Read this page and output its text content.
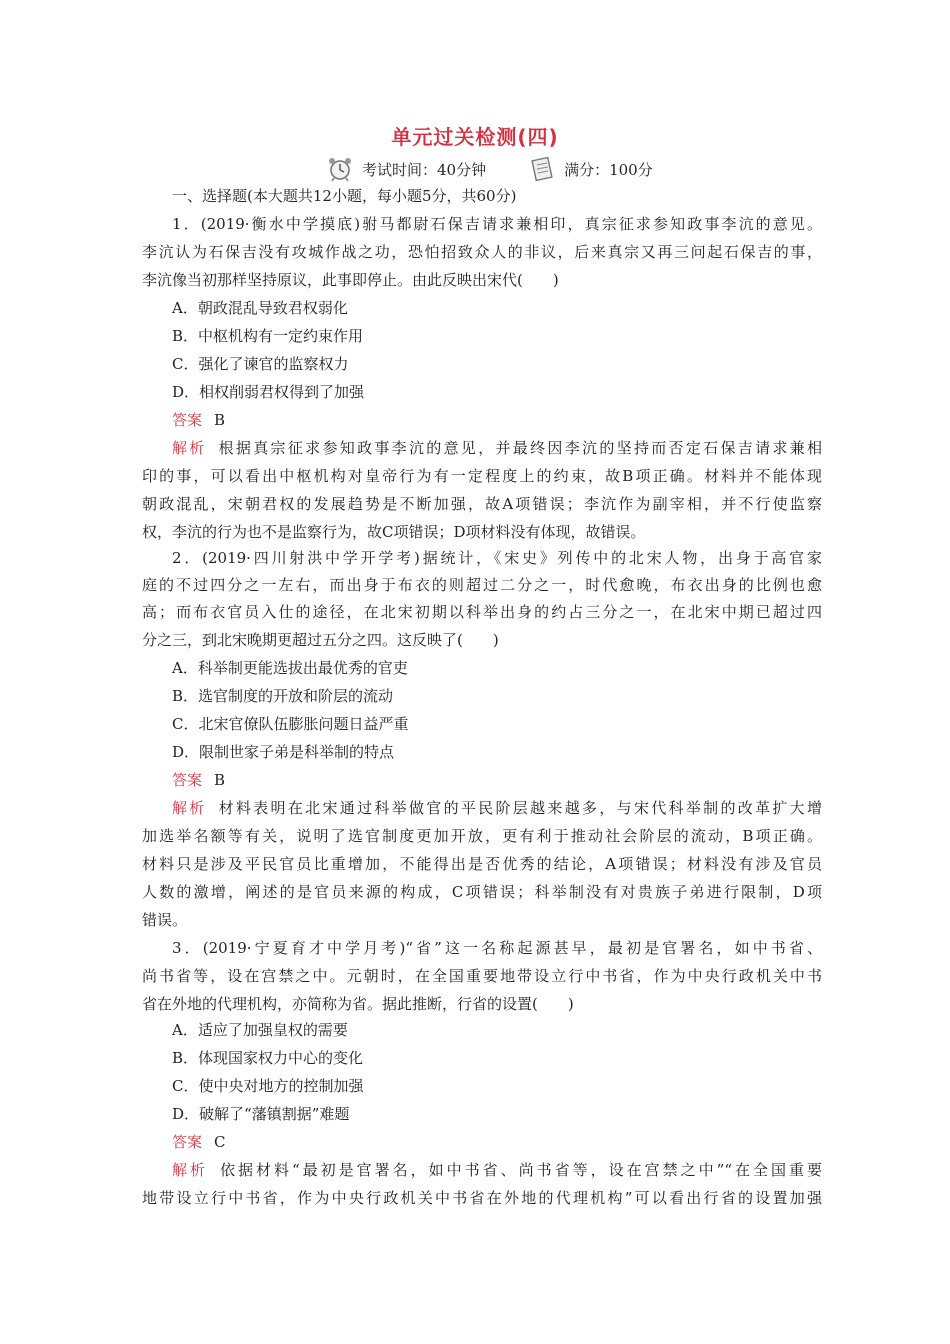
单元过关检测(四)
考试时间：40分钟	满分：100分
一、选择题(本大题共12小题，每小题5分，共60分)
1．(2019·衡水中学摸底)驸马都尉石保吉请求兼相印，真宗征求参知政事李沆的意见。
李沆认为石保吉没有攻城作战之功，恐怕招致众人的非议，后来真宗又再三问起石保吉的事，
李沆像当初那样坚持原议，此事即停止。由此反映出宋代(　　)
A．朝政混乱导致君权弱化
B．中枢机构有一定约束作用
C．强化了谏官的监察权力
D．相权削弱君权得到了加强
答案 B
解析 根据真宗征求参知政事李沆的意见，并最终因李沆的坚持而否定石保吉请求兼相
印的事，可以看出中枢机构对皇帝行为有一定程度上的约束，故B项正确。材料并不能体现
朝政混乱，宋朝君权的发展趋势是不断加强，故A项错误；李沆作为副宰相，并不行使监察
权，李沆的行为也不是监察行为，故C项错误；D项材料没有体现，故错误。
2．(2019·四川射洪中学开学考)据统计，《宋史》列传中的北宋人物，出身于高官家
庭的不过四分之一左右，而出身于布衣的则超过二分之一，时代愈晚，布衣出身的比例也愈
高；而布衣官员入仕的途径，在北宋初期以科举出身的约占三分之一，在北宋中期已超过四
分之三，到北宋晚期更超过五分之四。这反映了(　　)
A．科举制更能选拔出最优秀的官吏
B．选官制度的开放和阶层的流动
C．北宋官僚队伍膨胀问题日益严重
D．限制世家子弟是科举制的特点
答案 B
解析 材料表明在北宋通过科举做官的平民阶层越来越多，与宋代科举制的改革扩大增
加选举名额等有关，说明了选官制度更加开放，更有利于推动社会阶层的流动，B项正确。
材料只是涉及平民官员比重增加，不能得出是否优秀的结论，A项错误；材料没有涉及官员
人数的激增，阐述的是官员来源的构成，C项错误；科举制没有对贵族子弟进行限制，D项
错误。
3．(2019·宁夏育才中学月考)“省”这一名称起源甚早，最初是官署名，如中书省、
尚书省等，设在宫禁之中。元朝时，在全国重要地带设立行中书省，作为中央行政机关中书
省在外地的代理机构，亦简称为省。据此推断，行省的设置(　　)
A．适应了加强皇权的需要
B．体现国家权力中心的变化
C．使中央对地方的控制加强
D．破解了“藩镇割据”难题
答案 C
解析 依据材料“最初是官署名，如中书省、尚书省等，设在宫禁之中”“在全国重要
地带设立行中书省，作为中央行政机关中书省在外地的代理机构”可以看出行省的设置加强
